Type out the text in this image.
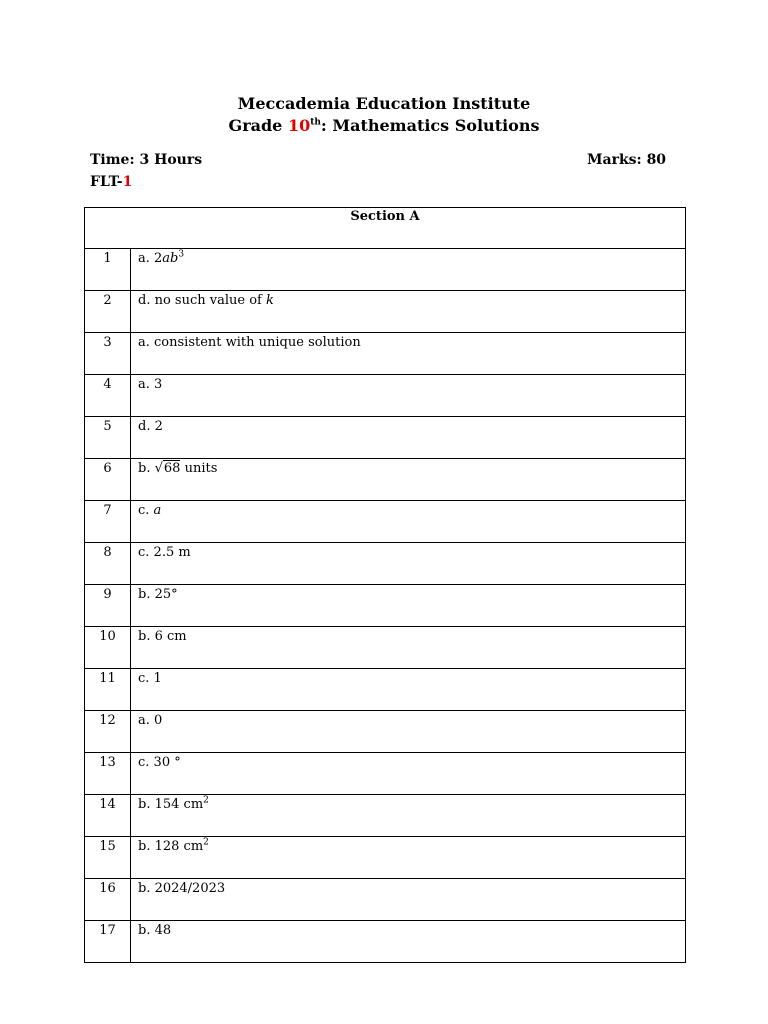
Meccademia Education Institute
Grade 10th: Mathematics Solutions
Time: 3 Hours	Marks: 80
FLT-1
Section A	
1	a. $2ab^3$
2	d. no such value of k
3	a. consistent with unique solution
4	a. 3
5	d. 2
6	b. √68 units
7	c. a
8	c. 2.5 m
9	b. 25°
10	b. 6 cm
11	c. 1
12	a. 0
13	c. 30 °
14	b. 154 $cm^2$
15	b. 128 $cm^2$
16	b. 2024/2023
17	b. 48
